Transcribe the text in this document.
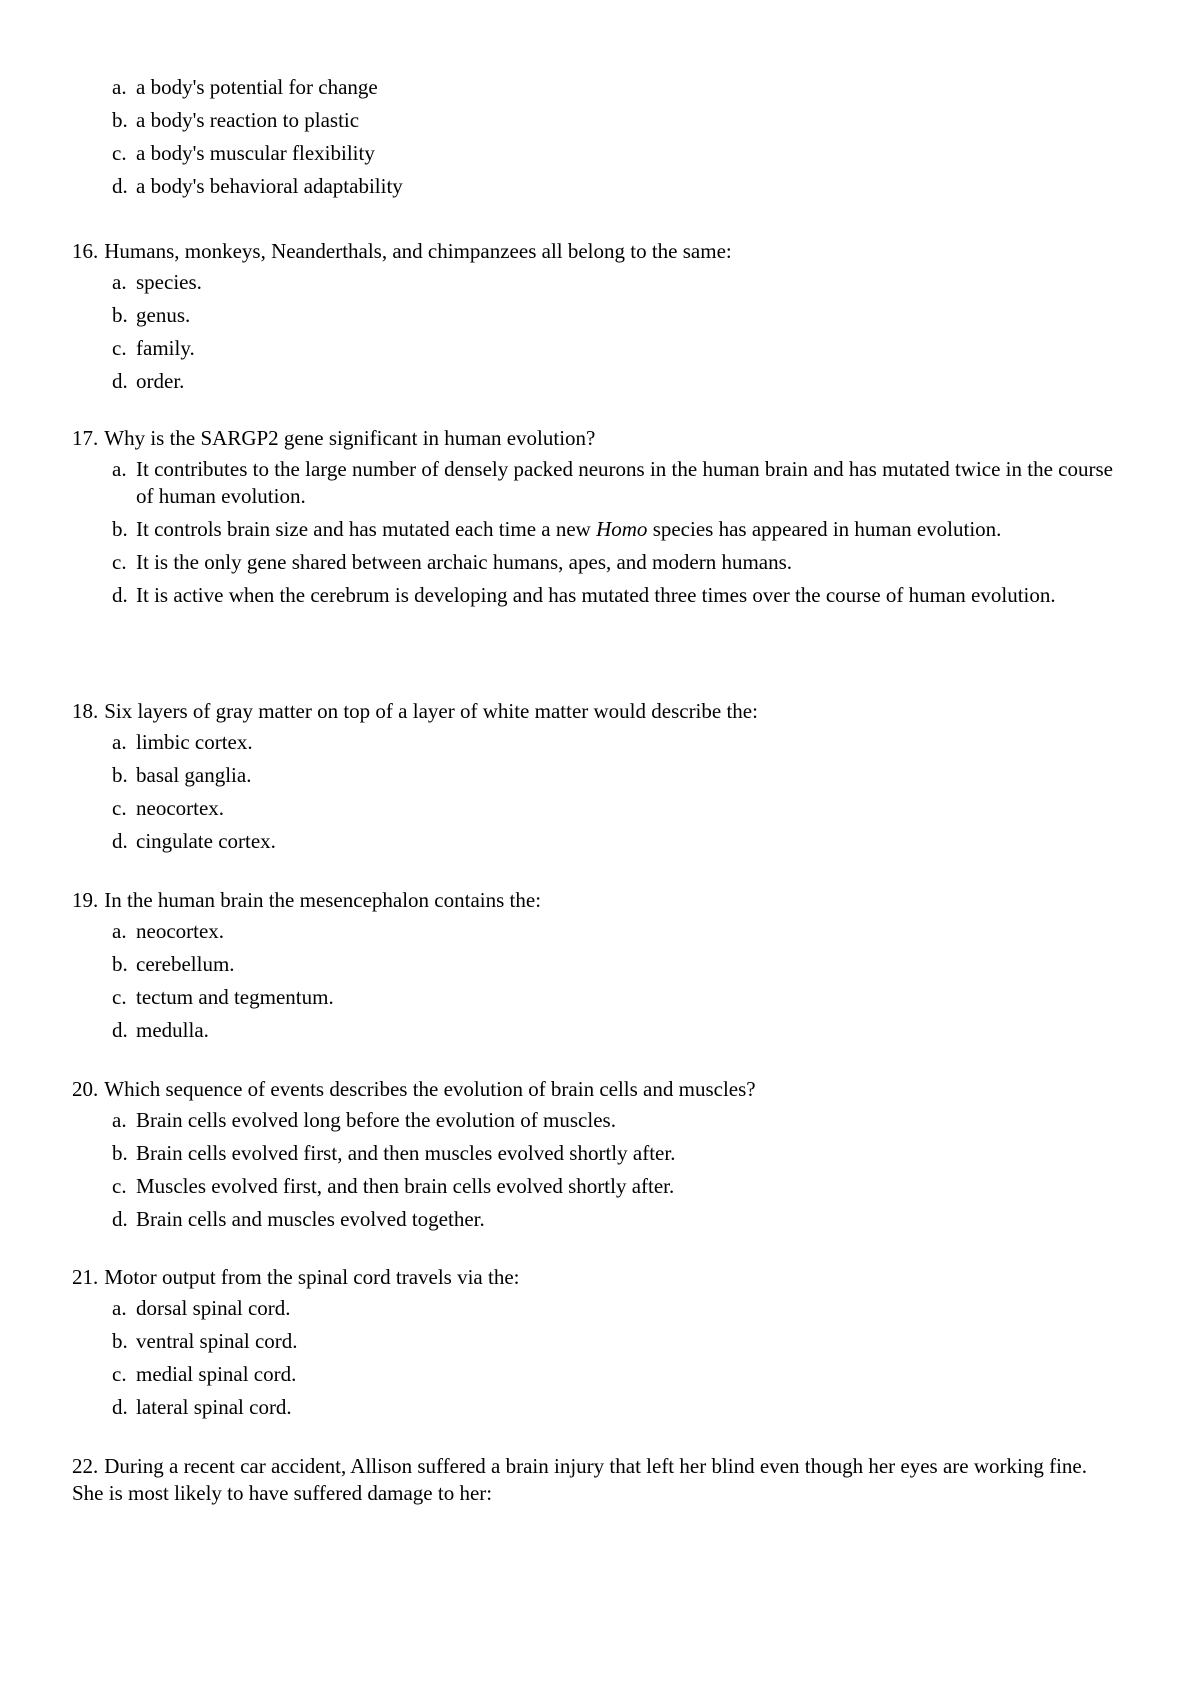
a. a body's potential for change
b. a body's reaction to plastic
c. a body's muscular flexibility
d. a body's behavioral adaptability
16. Humans, monkeys, Neanderthals, and chimpanzees all belong to the same:
a. species.
b. genus.
c. family.
d. order.
17. Why is the SARGP2 gene significant in human evolution?
a. It contributes to the large number of densely packed neurons in the human brain and has mutated twice in the course of human evolution.
b. It controls brain size and has mutated each time a new Homo species has appeared in human evolution.
c. It is the only gene shared between archaic humans, apes, and modern humans.
d. It is active when the cerebrum is developing and has mutated three times over the course of human evolution.
18. Six layers of gray matter on top of a layer of white matter would describe the:
a. limbic cortex.
b. basal ganglia.
c. neocortex.
d. cingulate cortex.
19. In the human brain the mesencephalon contains the:
a. neocortex.
b. cerebellum.
c. tectum and tegmentum.
d. medulla.
20. Which sequence of events describes the evolution of brain cells and muscles?
a. Brain cells evolved long before the evolution of muscles.
b. Brain cells evolved first, and then muscles evolved shortly after.
c. Muscles evolved first, and then brain cells evolved shortly after.
d. Brain cells and muscles evolved together.
21. Motor output from the spinal cord travels via the:
a. dorsal spinal cord.
b. ventral spinal cord.
c. medial spinal cord.
d. lateral spinal cord.
22. During a recent car accident, Allison suffered a brain injury that left her blind even though her eyes are working fine. She is most likely to have suffered damage to her:
